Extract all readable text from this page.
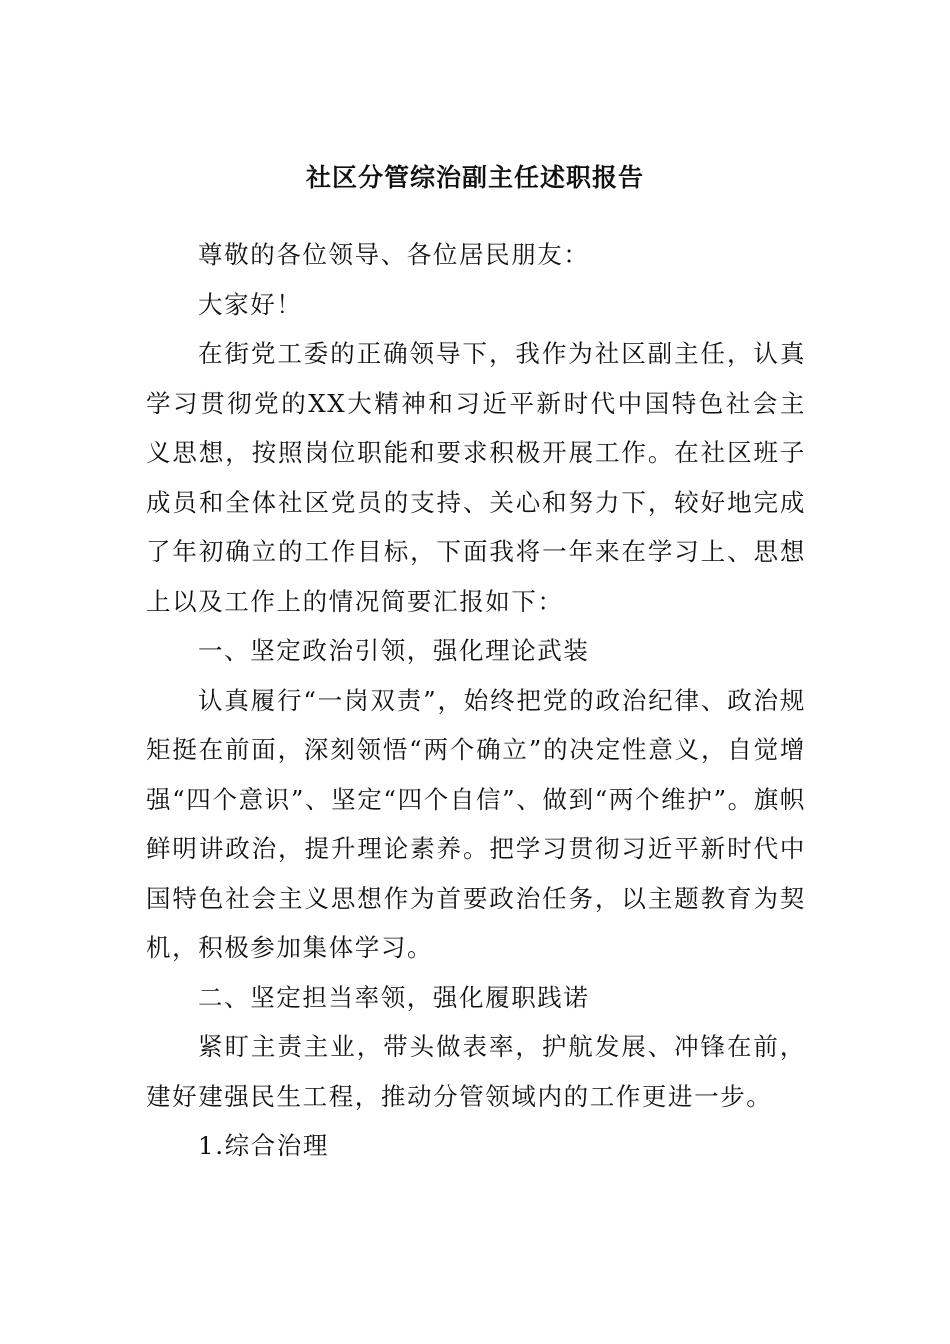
社区分管综治副主任述职报告

尊敬的各位领导、各位居民朋友：

大家好！

在街党工委的正确领导下，我作为社区副主任，认真学习贯彻党的XX大精神和习近平新时代中国特色社会主义思想，按照岗位职能和要求积极开展工作。在社区班子成员和全体社区党员的支持、关心和努力下，较好地完成了年初确立的工作目标，下面我将一年来在学习上、思想上以及工作上的情况简要汇报如下：

一、坚定政治引领，强化理论武装

认真履行“一岗双责”，始终把党的政治纪律、政治规矩挺在前面，深刻领悟“两个确立”的决定性意义，自觉增强“四个意识”、坚定“四个自信”、做到“两个维护”。旗帜鲜明讲政治，提升理论素养。把学习贯彻习近平新时代中国特色社会主义思想作为首要政治任务，以主题教育为契机，积极参加集体学习。

二、坚定担当率领，强化履职践诺

紧盯主责主业，带头做表率，护航发展、冲锋在前，建好建强民生工程，推动分管领域内的工作更进一步。

1.综合治理
